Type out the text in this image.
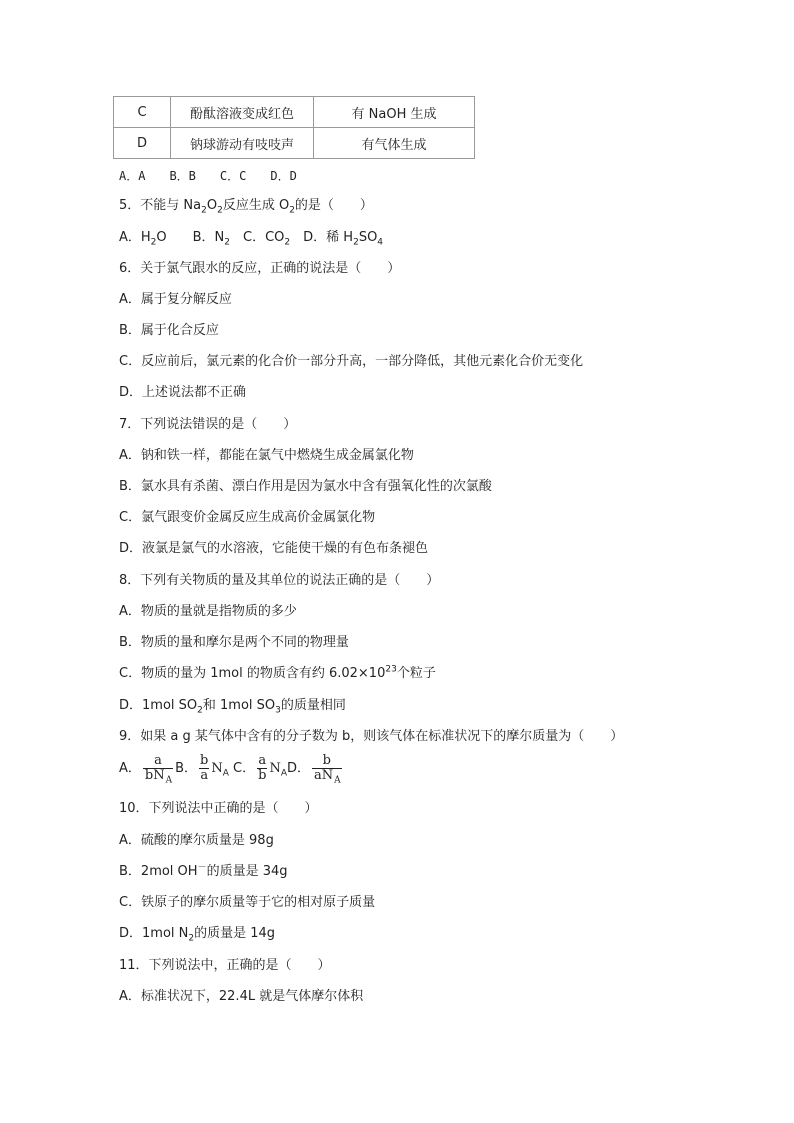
C	酚酞溶液变成红色	有 NaOH 生成
D	钠球游动有吱吱声	有气体生成
A．A　　B．B　　C．C　　D．D
5．不能与 $Na_2O_2$反应生成 $O_2$的是（　　）
A．$H_2O$　　B．$N_2$　C．$CO_2$　D．稀 $H_2SO_4$
6．关于氯气跟水的反应，正确的说法是（　　）
A．属于复分解反应
B．属于化合反应
C．反应前后，氯元素的化合价一部分升高，一部分降低，其他元素化合价无变化
D．上述说法都不正确
7．下列说法错误的是（　　）
A．钠和铁一样，都能在氯气中燃烧生成金属氯化物
B．氯水具有杀菌、漂白作用是因为氯水中含有强氧化性的次氯酸
C．氯气跟变价金属反应生成高价金属氯化物
D．液氯是氯气的水溶液，它能使干燥的有色布条褪色
8．下列有关物质的量及其单位的说法正确的是（　　）
A．物质的量就是指物质的多少
B．物质的量和摩尔是两个不同的物理量
C．物质的量为 1mol 的物质含有约 $6.02\times 10^{23}$个粒子
D．1mol $SO_2$和 1mol $SO_3$的质量相同
9．如果 a g 某气体中含有的分子数为 b，则该气体在标准状况下的摩尔质量为（　　）
A． $\frac{a}{bN_A}$ B． $\frac{b}{a} N_A$ C． $\frac{a}{b} N_AD$． $\frac{b}{aN_A}$
10．下列说法中正确的是（　　）
A．硫酸的摩尔质量是 98g
B．2mol OH－的质量是 34g
C．铁原子的摩尔质量等于它的相对原子质量
D．1mol $N_2$的质量是 14g
11．下列说法中，正确的是（　　）
A．标准状况下，22.4L 就是气体摩尔体积
